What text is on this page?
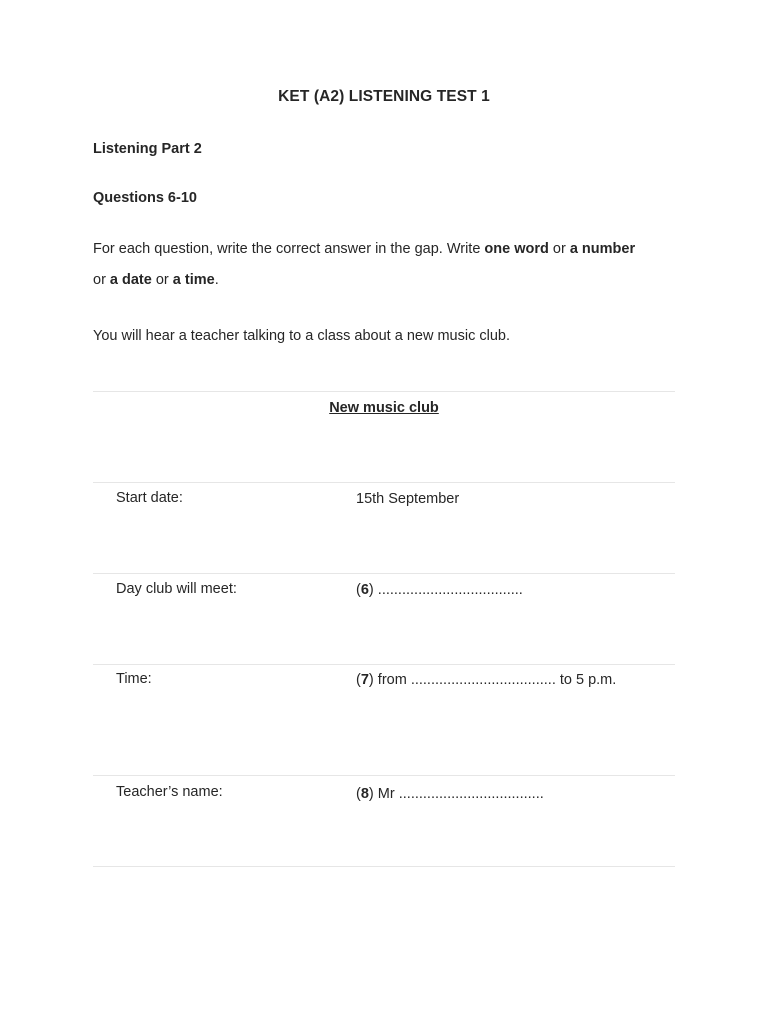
KET (A2) LISTENING TEST 1
Listening Part 2
Questions 6-10
For each question, write the correct answer in the gap. Write one word or a number
or a date or a time.
You will hear a teacher talking to a class about a new music club.
New music club
Start date:	15th September
Day club will meet:	(6) ....................................
Time:	(7) from .................................... to 5 p.m.
Teacher’s name:	(8) Mr ....................................
